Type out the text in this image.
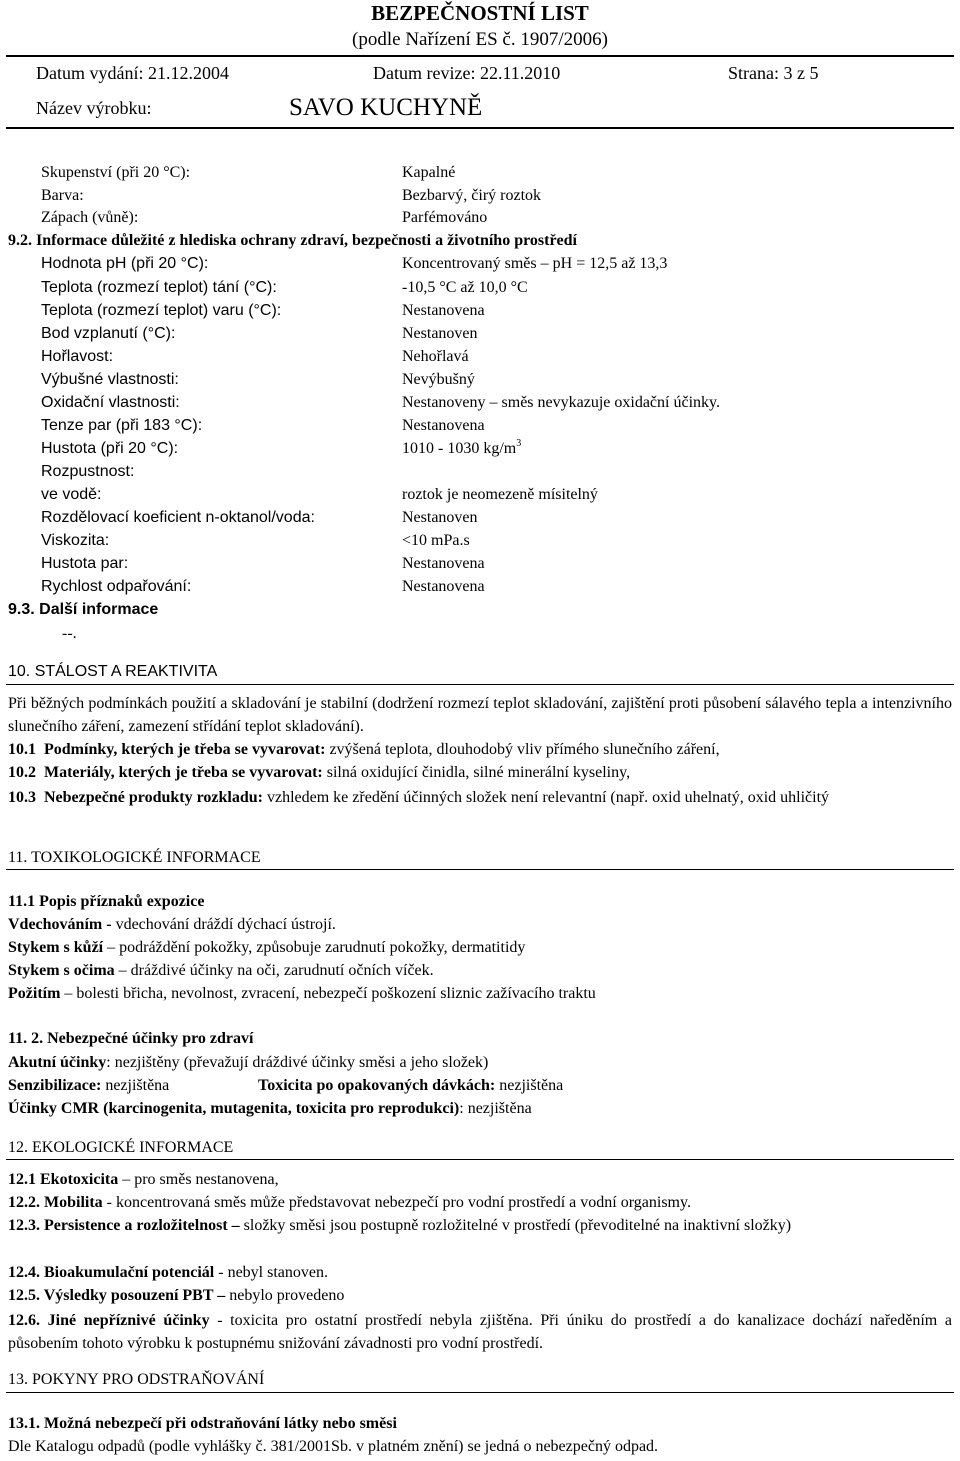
BEZPEČNOSTNÍ LIST
(podle Nařízení ES č. 1907/2006)
Datum vydání: 21.12.2004	Datum revize: 22.11.2010	Strana: 3 z 5
Název výrobku:	SAVO KUCHYNĚ
Skupenství (při 20 °C):	Kapalné
Barva:	Bezbarvý, čirý roztok
Zápach (vůně):	Parfémováno
9.2. Informace důležité z hlediska ochrany zdraví, bezpečnosti a životního prostředí
Hodnota pH (při 20 °C):	Koncentrovaný směs – pH = 12,5 až 13,3
Teplota (rozmezí teplot) tání (°C):	-10,5 °C až 10,0 °C
Teplota (rozmezí teplot) varu (°C):	Nestanovena
Bod vzplanutí (°C):	Nestanoven
Hořlavost:	Nehořlavá
Výbušné vlastnosti:	Nevýbušný
Oxidační vlastnosti:	Nestanoveny – směs nevykazuje oxidační účinky.
Tenze par (při 183 °C):	Nestanovena
Hustota (při 20 °C):	1010 - 1030 $kg/m^3$
Rozpustnost:
ve vodě:	roztok je neomezeně mísitelný
Rozdělovací koeficient n-oktanol/voda:	Nestanoven
Viskozita:	<10 mPa.s
Hustota par:	Nestanovena
Rychlost odpařování:	Nestanovena
9.3. Další informace
--.
10. STÁLOST A REAKTIVITA
Při běžných podmínkách použití a skladování je stabilní (dodržení rozmezí teplot skladování, zajištění proti působení sálavého tepla a intenzivního slunečního záření, zamezení střídání teplot skladování).
10.1 Podmínky, kterých je třeba se vyvarovat: zvýšená teplota, dlouhodobý vliv přímého slunečního záření,
10.2 Materiály, kterých je třeba se vyvarovat: silná oxidující činidla, silné minerální kyseliny,
10.3 Nebezpečné produkty rozkladu: vzhledem ke zředění účinných složek není relevantní (např. oxid uhelnatý, oxid uhličitý
11. TOXIKOLOGICKÉ INFORMACE
11.1 Popis příznaků expozice
Vdechováním - vdechování dráždí dýchací ústrojí.
Stykem s kůží – podráždění pokožky, způsobuje zarudnutí pokožky, dermatitidy
Stykem s očima – dráždivé účinky na oči, zarudnutí očních víček.
Požitím – bolesti břicha, nevolnost, zvracení, nebezpečí poškození sliznic zažívacího traktu
11. 2. Nebezpečné účinky pro zdraví
Akutní účinky: nezjištěny (převažují dráždivé účinky směsi a jeho složek)
Senzibilizace: nezjištěna	Toxicita po opakovaných dávkách: nezjištěna
Účinky CMR (karcinogenita, mutagenita, toxicita pro reprodukci): nezjištěna
12. EKOLOGICKÉ INFORMACE
12.1 Ekotoxicita – pro směs nestanovena,
12.2. Mobilita - koncentrovaná směs může představovat nebezpečí pro vodní prostředí a vodní organismy.
12.3. Persistence a rozložitelnost – složky směsi jsou postupně rozložitelné v prostředí (převoditelné na inaktivní složky)
12.4. Bioakumulační potenciál - nebyl stanoven.
12.5. Výsledky posouzení PBT – nebylo provedeno
12.6. Jiné nepříznivé účinky - toxicita pro ostatní prostředí nebyla zjištěna. Při úniku do prostředí a do kanalizace dochází naředěním a působením tohoto výrobku k postupnému snižování závadnosti pro vodní prostředí.
13. POKYNY PRO ODSTRAŇOVÁNÍ
13.1. Možná nebezpečí při odstraňování látky nebo směsi
Dle Katalogu odpadů (podle vyhlášky č. 381/2001Sb. v platném znění) se jedná o nebezpečný odpad.
